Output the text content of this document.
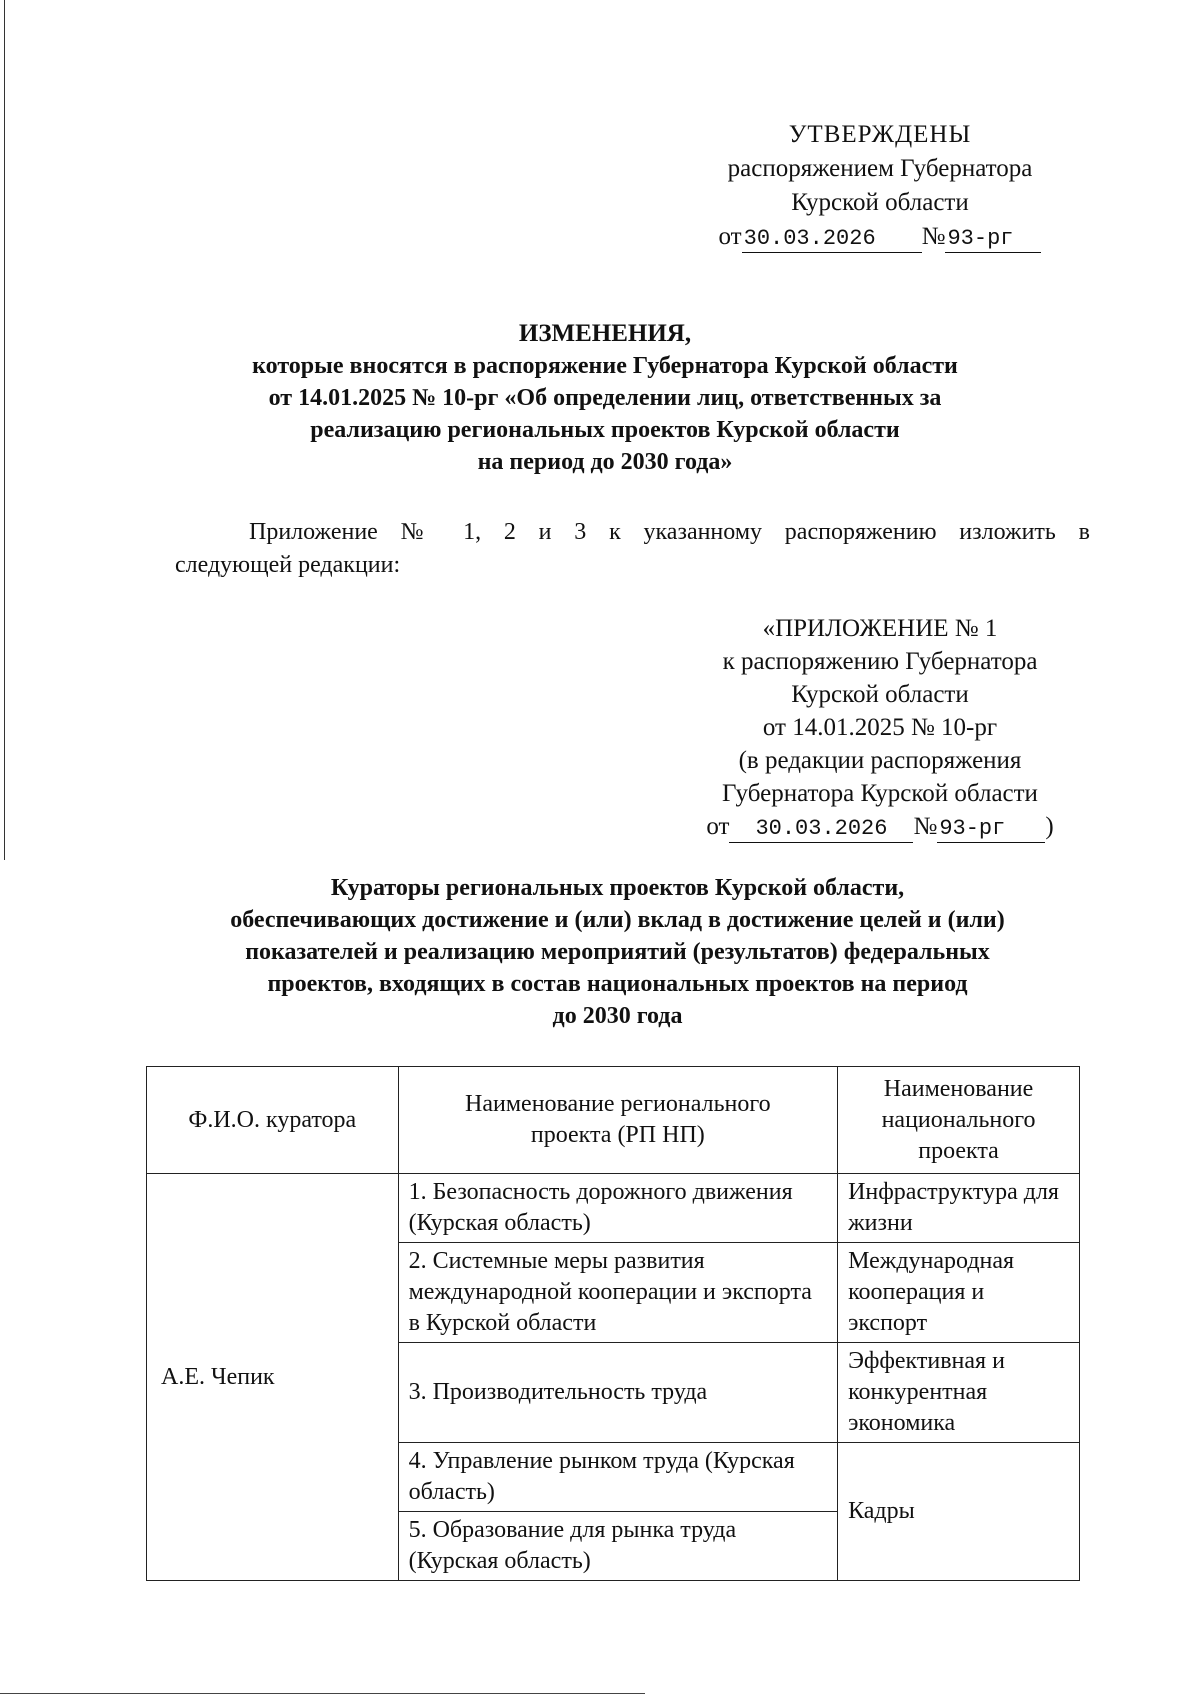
УТВЕРЖДЕНЫ
распоряжением Губернатора
Курской области
от30.03.2026 №93-рг
ИЗМЕНЕНИЯ,
которые вносятся в распоряжение Губернатора Курской области
от 14.01.2025 № 10-рг «Об определении лиц, ответственных за
реализацию региональных проектов Курской области
на период до 2030 года»
Приложение № 1, 2 и 3 к указанному распоряжению изложить в
следующей редакции:
«ПРИЛОЖЕНИЕ № 1
к распоряжению Губернатора
Курской области
от 14.01.2025 № 10-рг
(в редакции распоряжения
Губернатора Курской области
от 30.03.2026 №93-рг )
Кураторы региональных проектов Курской области,
обеспечивающих достижение и (или) вклад в достижение целей и (или)
показателей и реализацию мероприятий (результатов) федеральных
проектов, входящих в состав национальных проектов на период
до 2030 года
Ф.И.О. куратора	Наименование регионального проекта (РП НП)	Наименование национального проекта
А.Е. Чепик	1. Безопасность дорожного движения (Курская область)	Инфраструктура для жизни
	2. Системные меры развития международной кооперации и экспорта в Курской области	Международная кооперация и экспорт
	3. Производительность труда	Эффективная и конкурентная экономика
	4. Управление рынком труда (Курская область)	Кадры
	5. Образование для рынка труда (Курская область)	
